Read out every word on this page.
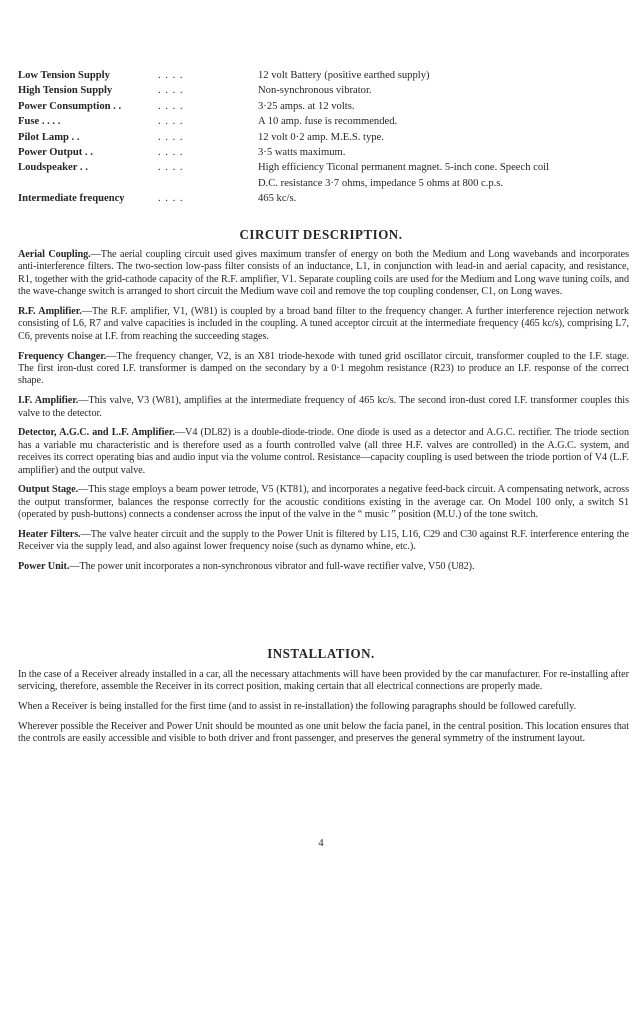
Low Tension Supply	. . . .	12 volt Battery (positive earthed supply)
High Tension Supply	. . . .	Non-synchronous vibrator.
Power Consumption . .	. . . .	3·25 amps. at 12 volts.
Fuse . . . .	. . . .	A 10 amp. fuse is recommended.
Pilot Lamp . .	. . . .	12 volt 0·2 amp. M.E.S. type.
Power Output . .	. . . .	3·5 watts maximum.
Loudspeaker . .	. . . .	High efficiency Ticonal permanent magnet. 5-inch cone. Speech coil
D.C. resistance 3·7 ohms, impedance 5 ohms at 800 c.p.s.
Intermediate frequency	. . . .	465 kc/s.
CIRCUIT DESCRIPTION.

Aerial Coupling.—The aerial coupling circuit used gives maximum transfer of energy on both the Medium and Long wavebands and incorporates anti-interference filters. The two-section low-pass filter consists of an inductance, L1, in conjunction with lead-in and aerial capacity, and resistance, R1, together with the grid-cathode capacity of the R.F. amplifier, V1. Separate coupling coils are used for the Medium and Long wave tuning coils, and the wave-change switch is arranged to short circuit the Medium wave coil and remove the top coupling condenser, C1, on Long waves.

R.F. Amplifier.—The R.F. amplifier, V1, (W81) is coupled by a broad band filter to the frequency changer. A further interference rejection network consisting of L6, R7 and valve capacities is included in the coupling. A tuned acceptor circuit at the intermediate frequency (465 kc/s), comprising L7, C6, prevents noise at I.F. from reaching the succeeding stages.

Frequency Changer.—The frequency changer, V2, is an X81 triode-hexode with tuned grid oscillator circuit, transformer coupled to the I.F. stage. The first iron-dust cored I.F. transformer is damped on the secondary by a 0·1 megohm resistance (R23) to produce an I.F. response of the correct shape.

I.F. Amplifier.—This valve, V3 (W81), amplifies at the intermediate frequency of 465 kc/s. The second iron-dust cored I.F. transformer couples this valve to the detector.

Detector, A.G.C. and L.F. Amplifier.—V4 (DL82) is a double-diode-triode. One diode is used as a detector and A.G.C. rectifier. The triode section has a variable mu characteristic and is therefore used as a fourth controlled valve (all three H.F. valves are controlled) in the A.G.C. system, and receives its correct operating bias and audio input via the volume control. Resistance—capacity coupling is used between the triode portion of V4 (L.F. amplifier) and the output valve.

Output Stage.—This stage employs a beam power tetrode, V5 (KT81), and incorporates a negative feed-back circuit. A compensating network, across the output transformer, balances the response correctly for the acoustic conditions existing in the average car. On Model 100 only, a switch S1 (operated by push-buttons) connects a condenser across the input of the valve in the “ music ” position (M.U.) of the tone switch.

Heater Filters.—The valve heater circuit and the supply to the Power Unit is filtered by L15, L16, C29 and C30 against R.F. interference entering the Receiver via the supply lead, and also against lower frequency noise (such as dynamo whine, etc.).

Power Unit.—The power unit incorporates a non-synchronous vibrator and full-wave rectifier valve, V50 (U82).

INSTALLATION.

In the case of a Receiver already installed in a car, all the necessary attachments will have been provided by the car manufacturer. For re-installing after servicing, therefore, assemble the Receiver in its correct position, making certain that all electrical connections are properly made.

When a Receiver is being installed for the first time (and to assist in re-installation) the following paragraphs should be followed carefully.

Wherever possible the Receiver and Power Unit should be mounted as one unit below the facia panel, in the central position. This location ensures that the controls are easily accessible and visible to both driver and front passenger, and preserves the general symmetry of the instrument layout.

4
